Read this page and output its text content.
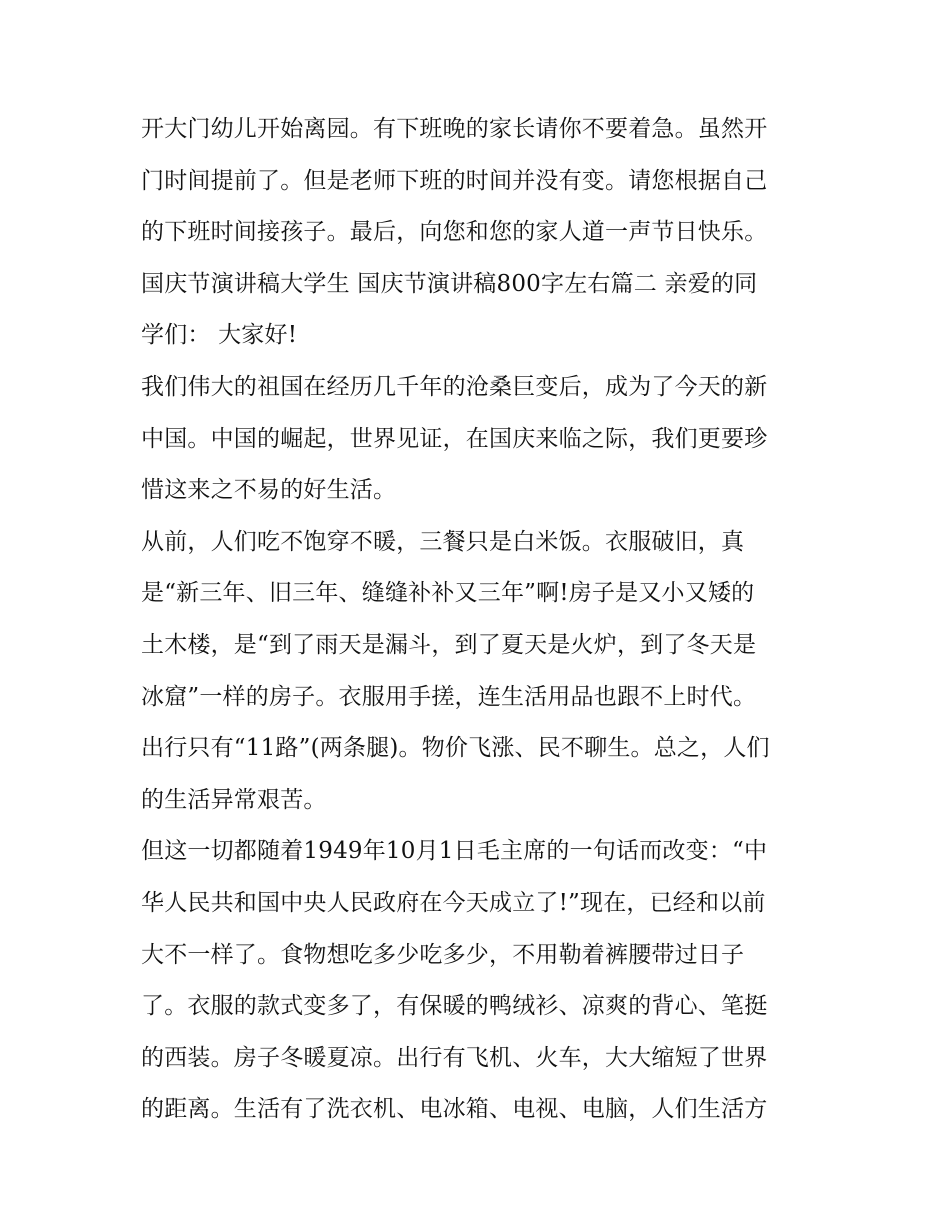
开大门幼儿开始离园。有下班晚的家长请你不要着急。虽然开
门时间提前了。但是老师下班的时间并没有变。请您根据自己
的下班时间接孩子。最后，向您和您的家人道一声节日快乐。
国庆节演讲稿大学生 国庆节演讲稿800字左右篇二 亲爱的同
学们： 大家好!
我们伟大的祖国在经历几千年的沧桑巨变后，成为了今天的新
中国。中国的崛起，世界见证，在国庆来临之际，我们更要珍
惜这来之不易的好生活。
从前，人们吃不饱穿不暖，三餐只是白米饭。衣服破旧，真
是“新三年、旧三年、缝缝补补又三年”啊!房子是又小又矮的
土木楼，是“到了雨天是漏斗，到了夏天是火炉，到了冬天是
冰窟”一样的房子。衣服用手搓，连生活用品也跟不上时代。
出行只有“11路”(两条腿)。物价飞涨、民不聊生。总之，人们
的生活异常艰苦。
但这一切都随着1949年10月1日毛主席的一句话而改变：“中
华人民共和国中央人民政府在今天成立了!”现在，已经和以前
大不一样了。食物想吃多少吃多少，不用勒着裤腰带过日子
了。衣服的款式变多了，有保暖的鸭绒衫、凉爽的背心、笔挺
的西装。房子冬暖夏凉。出行有飞机、火车，大大缩短了世界
的距离。生活有了洗衣机、电冰箱、电视、电脑，人们生活方
